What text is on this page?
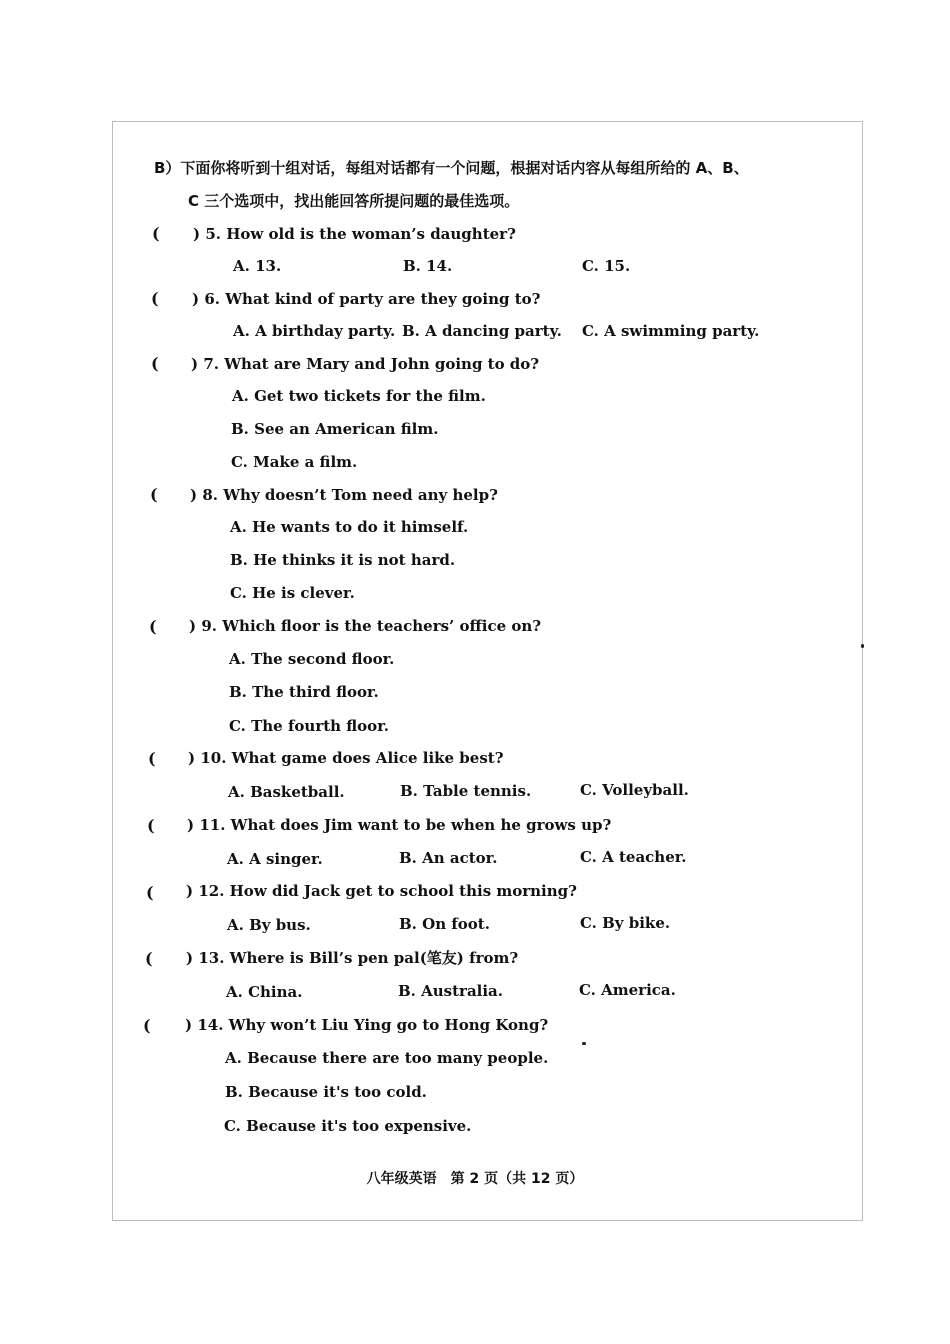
B）下面你将听到十组对话，每组对话都有一个问题，根据对话内容从每组所给的 A、B、
C 三个选项中，找出能回答所提问题的最佳选项。
( ) 5. How old is the woman’s daughter?
A. 13.	B. 14.	C. 15.
( ) 6. What kind of party are they going to?
A. A birthday party. B. A dancing party. C. A swimming party.
( ) 7. What are Mary and John going to do?
A. Get two tickets for the film.
B. See an American film.
C. Make a film.
( ) 8. Why doesn’t Tom need any help?
A. He wants to do it himself.
B. He thinks it is not hard.
C. He is clever.
( ) 9. Which floor is the teachers’ office on?
A. The second floor.
B. The third floor.
C. The fourth floor.
( ) 10. What game does Alice like best?
A. Basketball.	B. Table tennis.	C. Volleyball.
( ) 11. What does Jim want to be when he grows up?
A. A singer.	B. An actor.	C. A teacher.
( ) 12. How did Jack get to school this morning?
A. By bus.	B. On foot.	C. By bike.
( ) 13. Where is Bill’s pen pal(笔友) from?
A. China.	B. Australia.	C. America.
( ) 14. Why won’t Liu Ying go to Hong Kong?
A. Because there are too many people.
B. Because it's too cold.
C. Because it's too expensive.
八年级英语　第 2 页（共 12 页）
